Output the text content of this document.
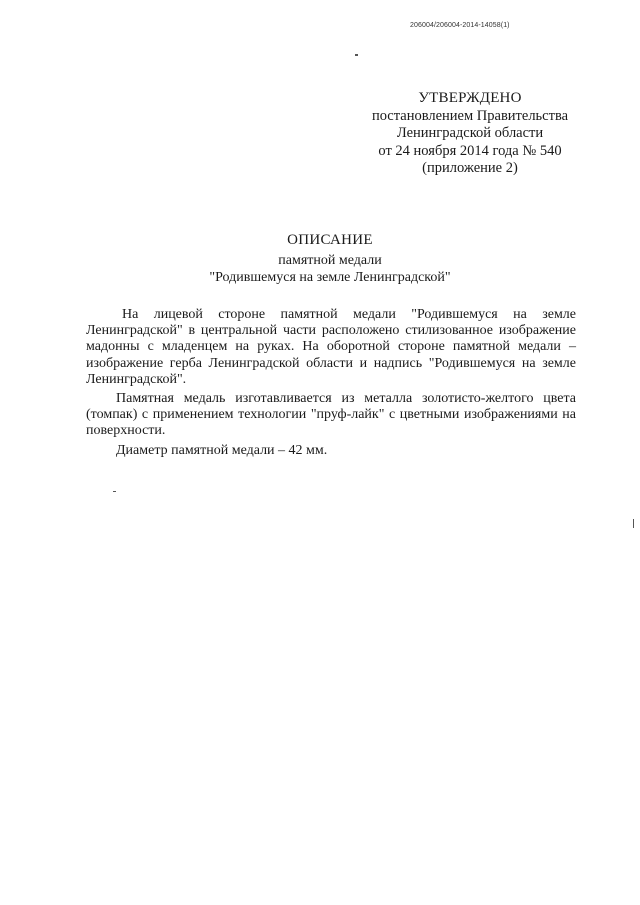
206004/206004-2014-14058(1)
УТВЕРЖДЕНО
постановлением Правительства
Ленинградской области
от 24 ноября 2014 года № 540
(приложение 2)
ОПИСАНИЕ
памятной медали
"Родившемуся на земле Ленинградской"

На лицевой стороне памятной медали "Родившемуся на земле Ленинградской" в центральной части расположено стилизованное изображение мадонны с младенцем на руках. На оборотной стороне памятной медали – изображение герба Ленинградской области и надпись "Родившемуся на земле Ленинградской".

Памятная медаль изготавливается из металла золотисто-желтого цвета (томпак) с применением технологии "пруф-лайк" с цветными изображениями на поверхности.

Диаметр памятной медали – 42 мм.
